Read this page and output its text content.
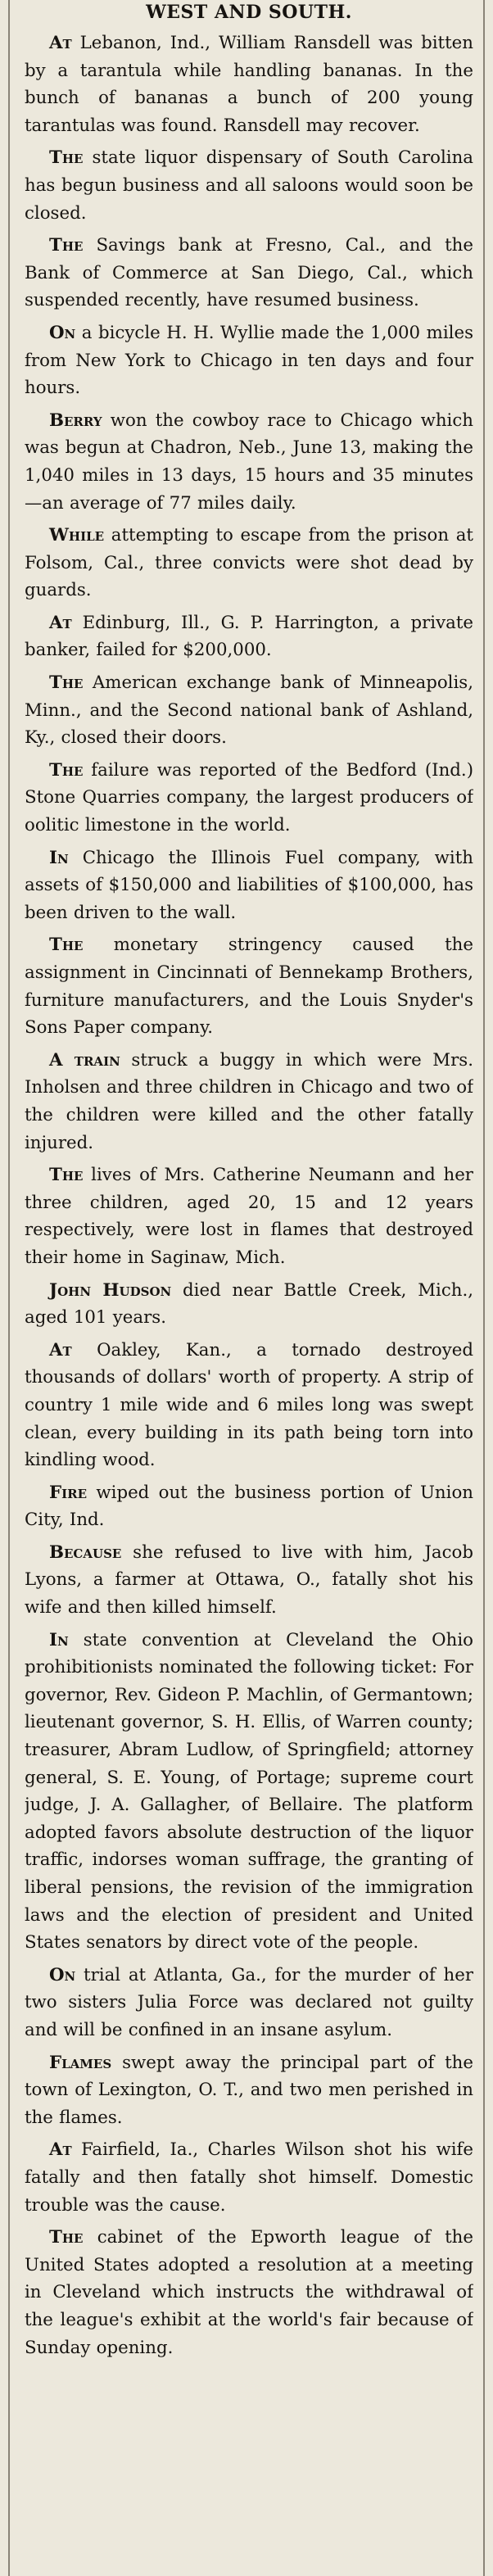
WEST AND SOUTH.

At Lebanon, Ind., William Ransdell was bitten by a tarantula while handling bananas. In the bunch of bananas a bunch of 200 young tarantulas was found. Ransdell may recover.

The state liquor dispensary of South Carolina has begun business and all saloons would soon be closed.

The Savings bank at Fresno, Cal., and the Bank of Commerce at San Diego, Cal., which suspended recently, have resumed business.

On a bicycle H. H. Wyllie made the 1,000 miles from New York to Chicago in ten days and four hours.

Berry won the cowboy race to Chicago which was begun at Chadron, Neb., June 13, making the 1,040 miles in 13 days, 15 hours and 35 minutes—an average of 77 miles daily.

While attempting to escape from the prison at Folsom, Cal., three convicts were shot dead by guards.

At Edinburg, Ill., G. P. Harrington, a private banker, failed for $200,000.

The American exchange bank of Minneapolis, Minn., and the Second national bank of Ashland, Ky., closed their doors.

The failure was reported of the Bedford (Ind.) Stone Quarries company, the largest producers of oolitic limestone in the world.

In Chicago the Illinois Fuel company, with assets of $150,000 and liabilities of $100,000, has been driven to the wall.

The monetary stringency caused the assignment in Cincinnati of Bennekamp Brothers, furniture manufacturers, and the Louis Snyder's Sons Paper company.

A train struck a buggy in which were Mrs. Inholsen and three children in Chicago and two of the children were killed and the other fatally injured.

The lives of Mrs. Catherine Neumann and her three children, aged 20, 15 and 12 years respectively, were lost in flames that destroyed their home in Saginaw, Mich.

John Hudson died near Battle Creek, Mich., aged 101 years.

At Oakley, Kan., a tornado destroyed thousands of dollars' worth of property. A strip of country 1 mile wide and 6 miles long was swept clean, every building in its path being torn into kindling wood.

Fire wiped out the business portion of Union City, Ind.

Because she refused to live with him, Jacob Lyons, a farmer at Ottawa, O., fatally shot his wife and then killed himself.

In state convention at Cleveland the Ohio prohibitionists nominated the following ticket: For governor, Rev. Gideon P. Machlin, of Germantown; lieutenant governor, S. H. Ellis, of Warren county; treasurer, Abram Ludlow, of Springfield; attorney general, S. E. Young, of Portage; supreme court judge, J. A. Gallagher, of Bellaire. The platform adopted favors absolute destruction of the liquor traffic, indorses woman suffrage, the granting of liberal pensions, the revision of the immigration laws and the election of president and United States senators by direct vote of the people.

On trial at Atlanta, Ga., for the murder of her two sisters Julia Force was declared not guilty and will be confined in an insane asylum.

Flames swept away the principal part of the town of Lexington, O. T., and two men perished in the flames.

At Fairfield, Ia., Charles Wilson shot his wife fatally and then fatally shot himself. Domestic trouble was the cause.

The cabinet of the Epworth league of the United States adopted a resolution at a meeting in Cleveland which instructs the withdrawal of the league's exhibit at the world's fair because of Sunday opening.
